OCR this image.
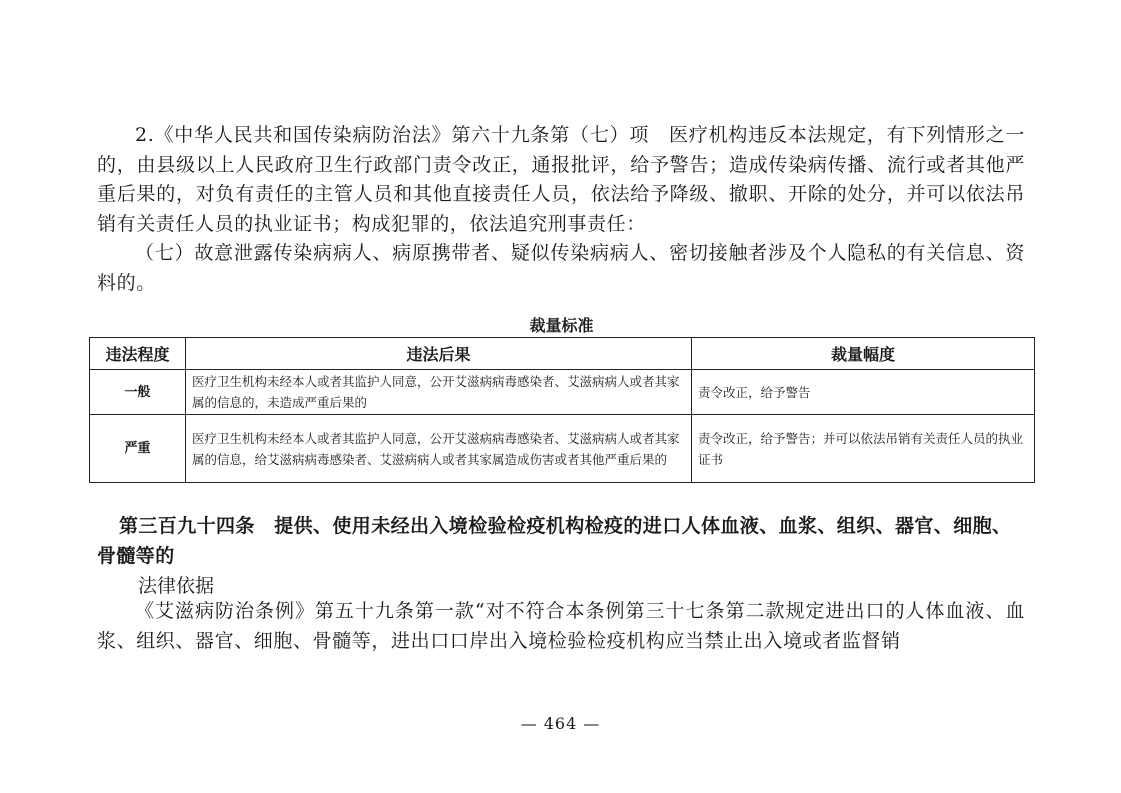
2.《中华人民共和国传染病防治法》第六十九条第（七）项　医疗机构违反本法规定，有下列情形之一的，由县级以上人民政府卫生行政部门责令改正，通报批评，给予警告；造成传染病传播、流行或者其他严重后果的，对负有责任的主管人员和其他直接责任人员，依法给予降级、撤职、开除的处分，并可以依法吊销有关责任人员的执业证书；构成犯罪的，依法追究刑事责任：

（七）故意泄露传染病病人、病原携带者、疑似传染病病人、密切接触者涉及个人隐私的有关信息、资料的。

裁量标准
违法程度	违法后果	裁量幅度
一般	医疗卫生机构未经本人或者其监护人同意，公开艾滋病病毒感染者、艾滋病病人或者其家属的信息的，未造成严重后果的	责令改正，给予警告
严重	医疗卫生机构未经本人或者其监护人同意，公开艾滋病病毒感染者、艾滋病病人或者其家属的信息，给艾滋病病毒感染者、艾滋病病人或者其家属造成伤害或者其他严重后果的	责令改正，给予警告；并可以依法吊销有关责任人员的执业证书

第三百九十四条　提供、使用未经出入境检验检疫机构检疫的进口人体血液、血浆、组织、器官、细胞、骨髓等的

法律依据

《艾滋病防治条例》第五十九条第一款“对不符合本条例第三十七条第二款规定进出口的人体血液、血浆、组织、器官、细胞、骨髓等，进出口口岸出入境检验检疫机构应当禁止出入境或者监督销

— 464 —
